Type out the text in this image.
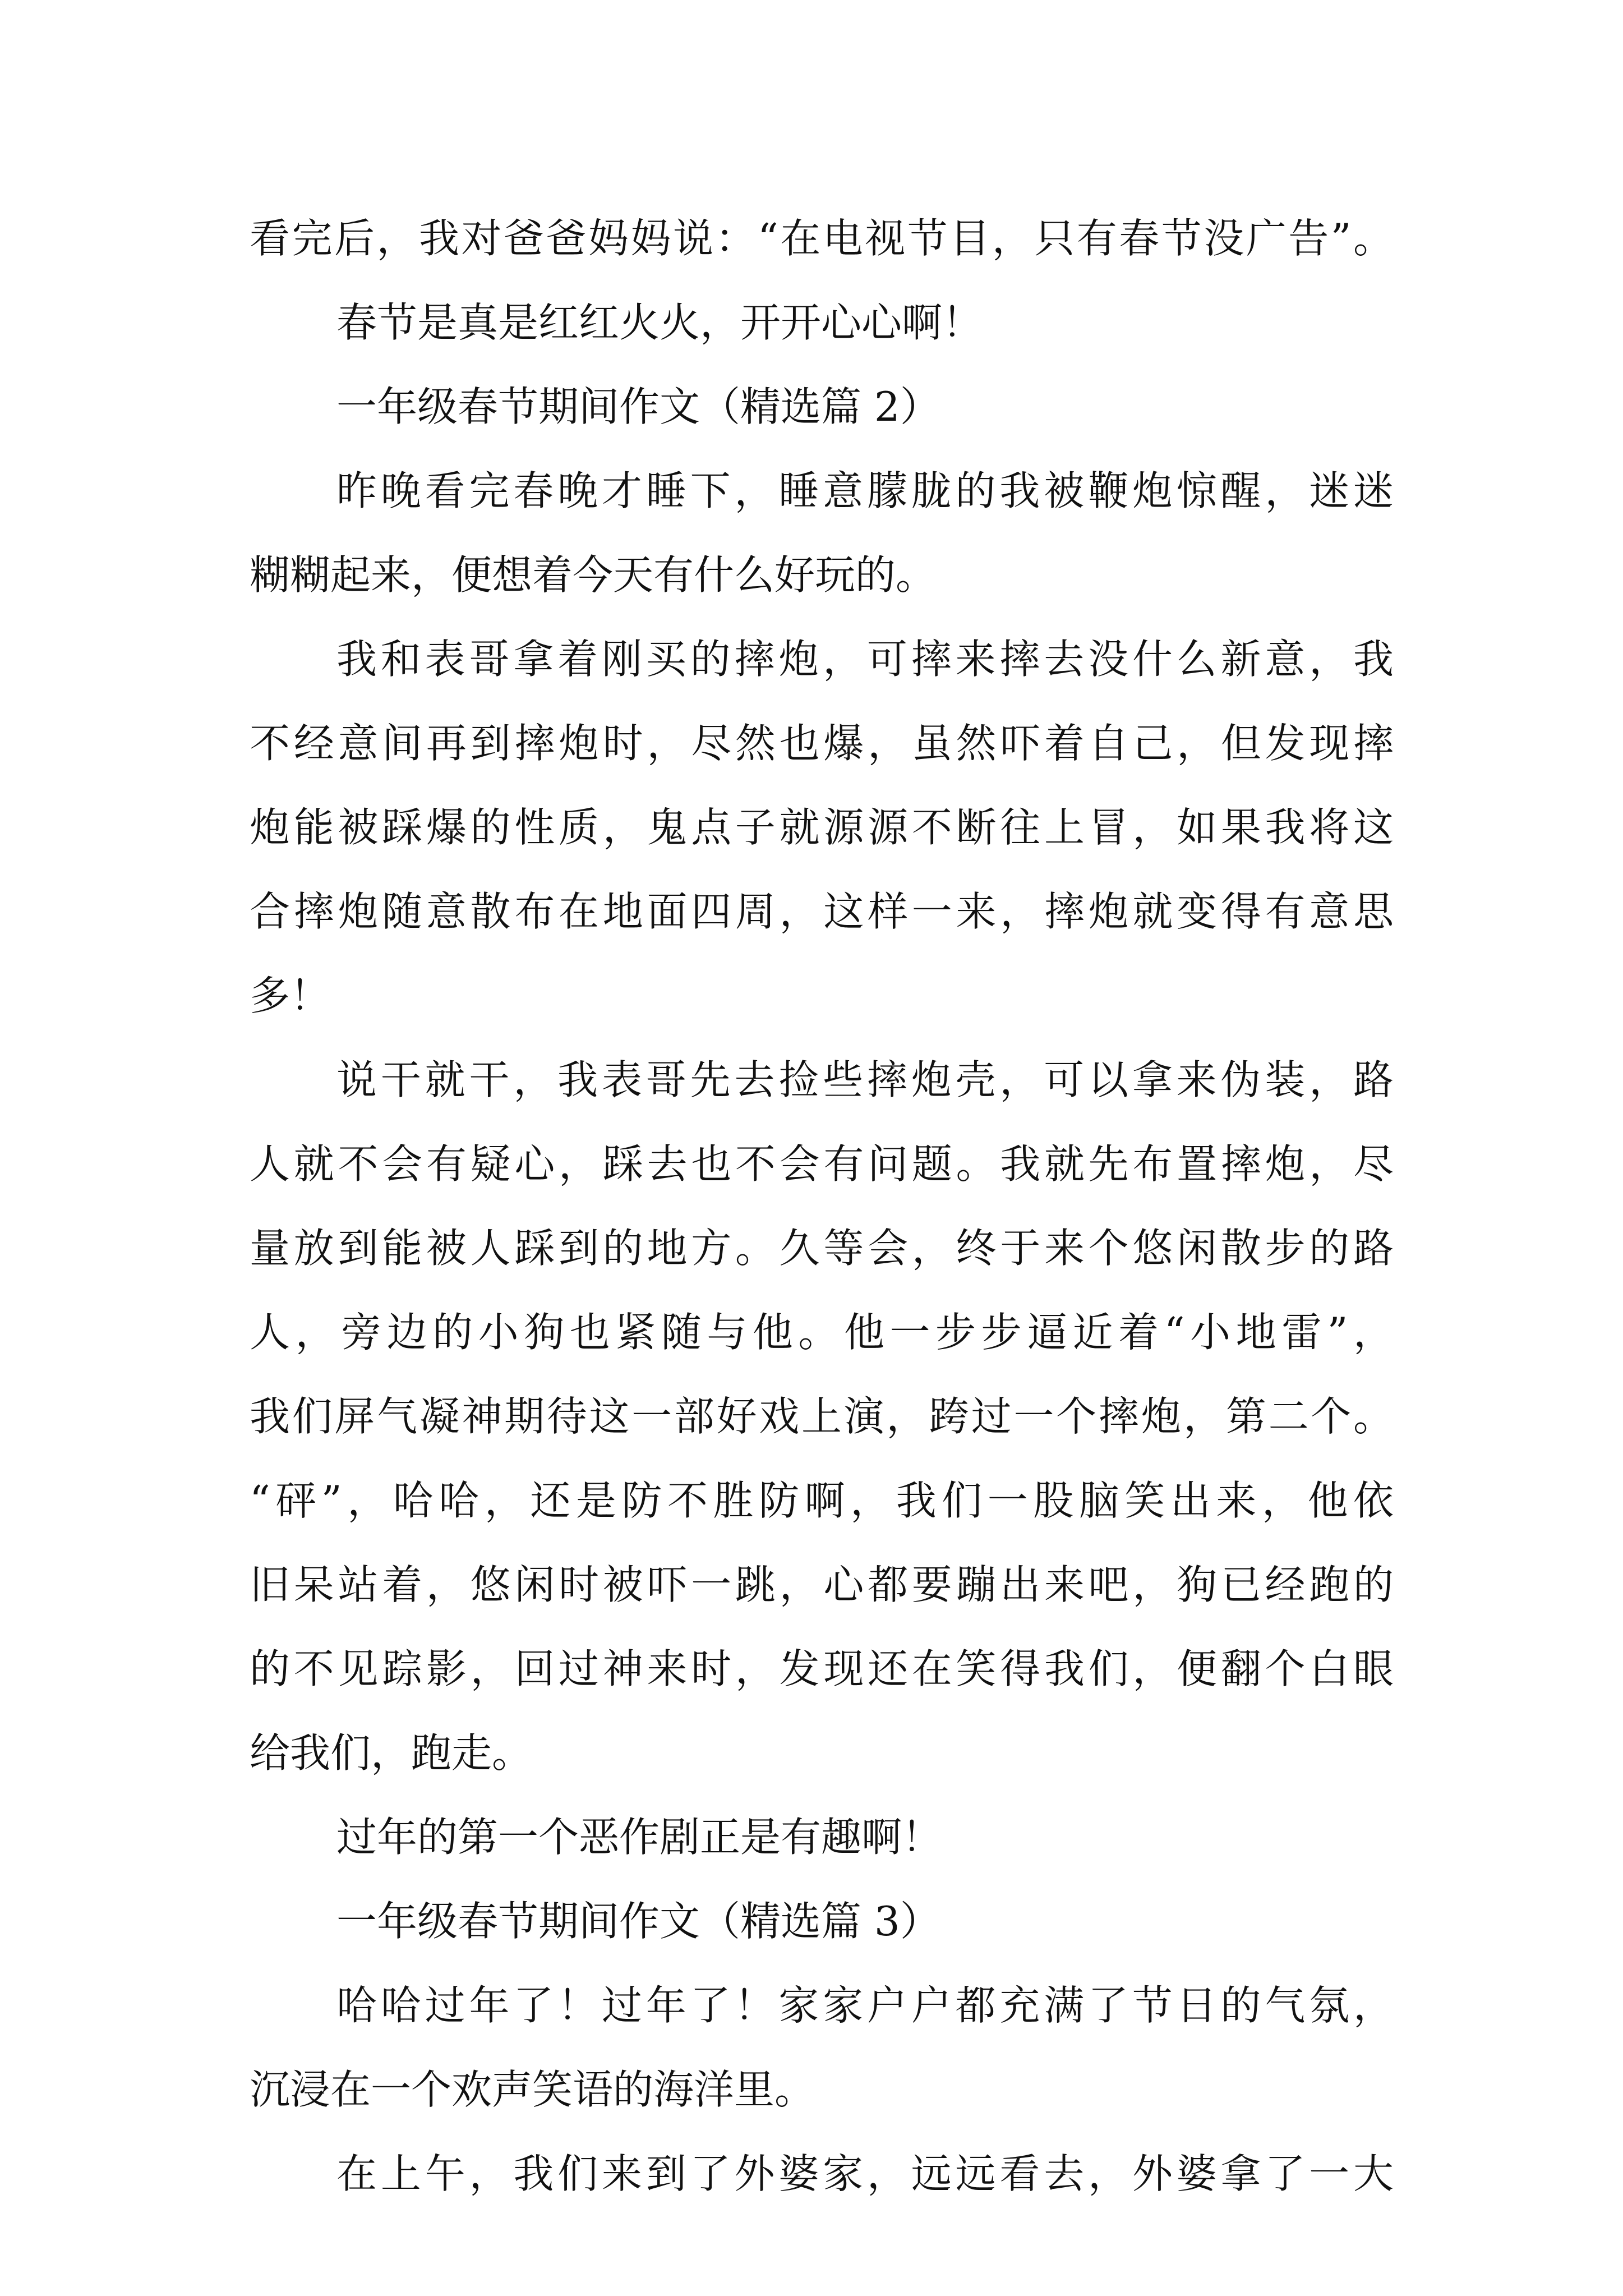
看完后，我对爸爸妈妈说：“在电视节目，只有春节没广告”。
春节是真是红红火火，开开心心啊！
一年级春节期间作文（精选篇 2）
昨晚看完春晚才睡下，睡意朦胧的我被鞭炮惊醒，迷迷
糊糊起来，便想着今天有什么好玩的。
我和表哥拿着刚买的摔炮，可摔来摔去没什么新意，我
不经意间再到摔炮时，尽然也爆，虽然吓着自己，但发现摔
炮能被踩爆的性质，鬼点子就源源不断往上冒，如果我将这
合摔炮随意散布在地面四周，这样一来，摔炮就变得有意思
多！
说干就干，我表哥先去捡些摔炮壳，可以拿来伪装，路
人就不会有疑心，踩去也不会有问题。我就先布置摔炮，尽
量放到能被人踩到的地方。久等会，终于来个悠闲散步的路
人，旁边的小狗也紧随与他。他一步步逼近着“小地雷”，
我们屏气凝神期待这一部好戏上演，跨过一个摔炮，第二个。
“砰”，哈哈，还是防不胜防啊，我们一股脑笑出来，他依
旧呆站着，悠闲时被吓一跳，心都要蹦出来吧，狗已经跑的
的不见踪影，回过神来时，发现还在笑得我们，便翻个白眼
给我们，跑走。
过年的第一个恶作剧正是有趣啊！
一年级春节期间作文（精选篇 3）
哈哈过年了！过年了！家家户户都充满了节日的气氛，
沉浸在一个欢声笑语的海洋里。
在上午，我们来到了外婆家，远远看去，外婆拿了一大
